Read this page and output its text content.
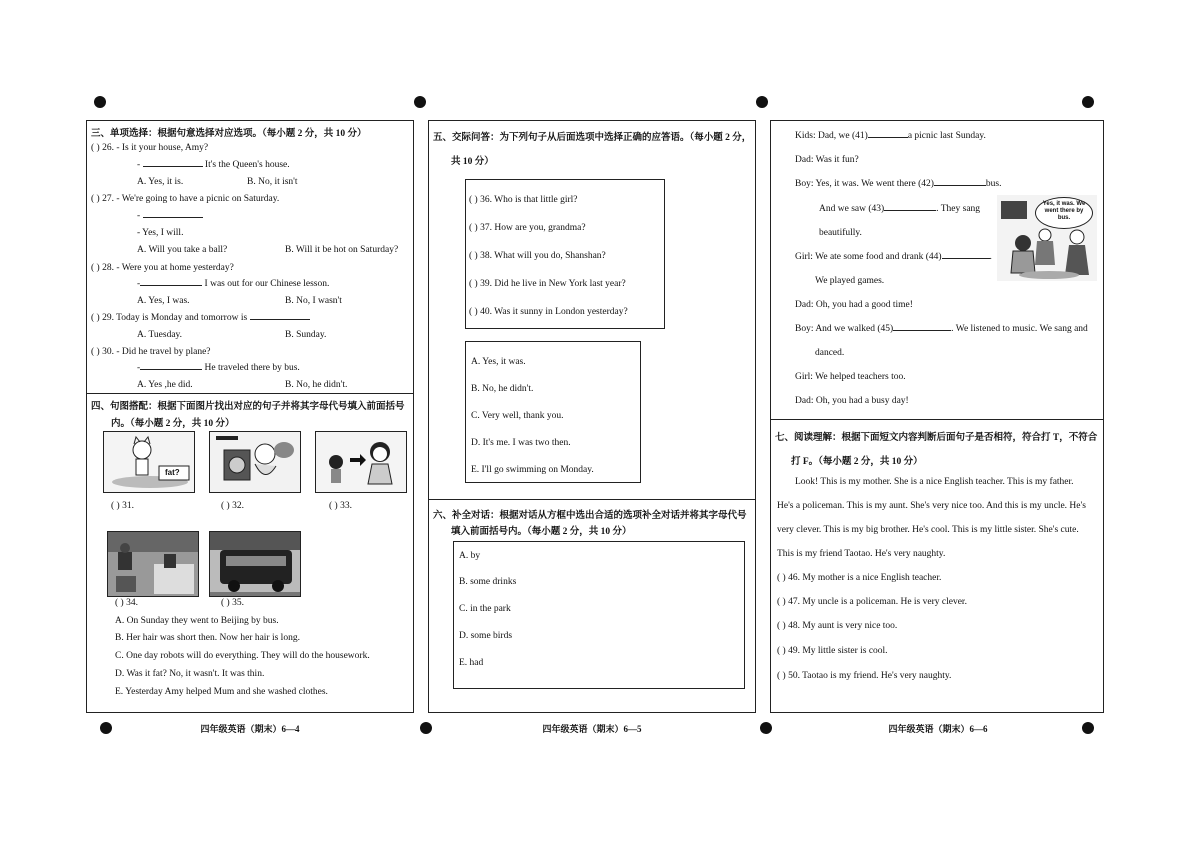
三、单项选择：根据句意选择对应选项。（每小题 2 分，共 10 分）
( ) 26. - Is it your house, Amy?
-	It's the Queen's house.
A. Yes, it is.	B. No, it isn't
( ) 27. - We're going to have a picnic on Saturday.
-
- Yes, I will.
A. Will you take a ball?	B. Will it be hot on Saturday?
( ) 28. - Were you at home yesterday?
-	I was out for our Chinese lesson.
A. Yes, I was.	B. No, I wasn't
( ) 29. Today is Monday and tomorrow is
A. Tuesday.	B. Sunday.
( ) 30. - Did he travel by plane?
-	He traveled there by bus.
A. Yes ,he did.	B. No, he didn't.
四、句图搭配：根据下面图片找出对应的句子并将其字母代号填入前面括号
内。（每小题 2 分，共 10 分）
fat?
( ) 31.	( ) 32.	( ) 33.
( ) 34.	( ) 35.
A. On Sunday they went to Beijing by bus.
B. Her hair was short then. Now her hair is long.
C. One day robots will do everything. They will do the housework.
D. Was it fat? No, it wasn't. It was thin.
E. Yesterday Amy helped Mum and she washed clothes.
四年级英语（期末）6—4
五、交际问答：为下列句子从后面选项中选择正确的应答语。（每小题 2 分，
共 10 分）
( ) 36. Who is that little girl?
( ) 37. How are you, grandma?
( ) 38. What will you do, Shanshan?
( ) 39. Did he live in New York last year?
( ) 40. Was it sunny in London yesterday?
A. Yes, it was.
B. No, he didn't.
C. Very well, thank you.
D. It's me. I was two then.
E. I'll go swimming on Monday.
六、补全对话：根据对话从方框中选出合适的选项补全对话并将其字母代号
填入前面括号内。（每小题 2 分，共 10 分）
A. by
B. some drinks
C. in the park
D. some birds
E. had
四年级英语（期末）6—5
Kids: Dad, we (41)	a picnic last Sunday.
Dad: Was it fun?
Boy: Yes, it was. We went there (42)	bus.
And we saw (43)	. They sang
beautifully.
Girl: We ate some food and drank (44)	.
We played games.
Dad: Oh, you had a good time!
Boy: And we walked (45)	. We listened to music. We sang and
danced.
Girl: We helped teachers too.
Dad: Oh, you had a busy day!
Yes, it was. We went there by bus.
七、阅读理解：根据下面短文内容判断后面句子是否相符，符合打 T，不符合
打 F。（每小题 2 分，共 10 分）
Look! This is my mother. She is a nice English teacher. This is my father.
He's a policeman. This is my aunt. She's very nice too. And this is my uncle. He's
very clever. This is my big brother. He's cool. This is my little sister. She's cute.
This is my friend Taotao. He's very naughty.
( ) 46. My mother is a nice English teacher.
( ) 47. My uncle is a policeman. He is very clever.
( ) 48. My aunt is very nice too.
( ) 49. My little sister is cool.
( ) 50. Taotao is my friend. He's very naughty.
四年级英语（期末）6—6
